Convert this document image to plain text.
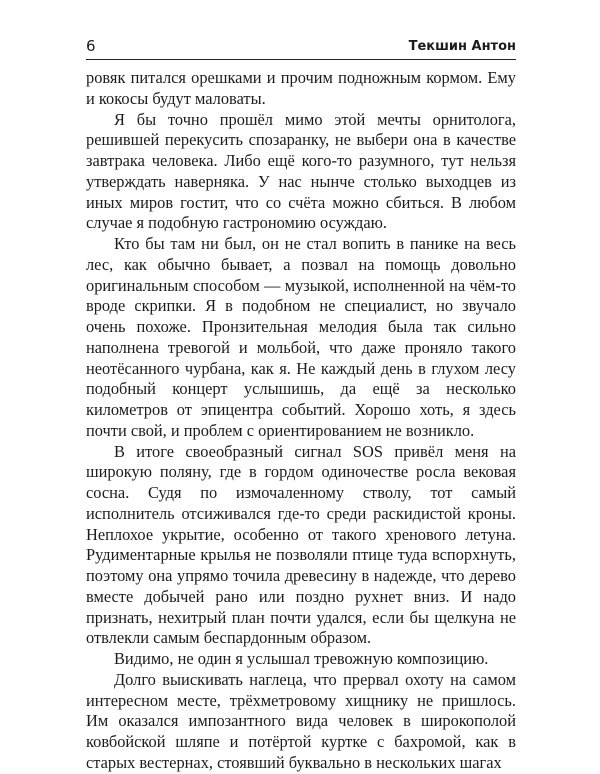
6	Текшин Антон

ровяк питался орешками и прочим подножным кормом. Ему и кокосы будут маловаты.

Я бы точно прошёл мимо этой мечты орнитолога, решившей перекусить спозаранку, не выбери она в качестве завтрака человека. Либо ещё кого-то разумного, тут нельзя утверждать наверняка. У нас нынче столько выходцев из иных миров гостит, что со счёта можно сбиться. В любом случае я подобную гастрономию осуждаю.

Кто бы там ни был, он не стал вопить в панике на весь лес, как обычно бывает, а позвал на помощь довольно оригинальным способом — музыкой, исполненной на чём-то вроде скрипки. Я в подобном не специалист, но звучало очень похоже. Пронзительная мелодия была так сильно наполнена тревогой и мольбой, что даже проняло такого неотёсанного чурбана, как я. Не каждый день в глухом лесу подобный концерт услышишь, да ещё за несколько километров от эпицентра событий. Хорошо хоть, я здесь почти свой, и проблем с ориентированием не возникло.

В итоге своеобразный сигнал SOS привёл меня на широкую поляну, где в гордом одиночестве росла вековая сосна. Судя по измочаленному стволу, тот самый исполнитель отсиживался где-то среди раскидистой кроны. Неплохое укрытие, особенно от такого хренового летуна. Рудиментарные крылья не позволяли птице туда вспорхнуть, поэтому она упрямо точила древесину в надежде, что дерево вместе добычей рано или поздно рухнет вниз. И надо признать, нехитрый план почти удался, если бы щелкуна не отвлекли самым беспардонным образом.

Видимо, не один я услышал тревожную композицию.

Долго выискивать наглеца, что прервал охоту на самом интересном месте, трёхметровому хищнику не пришлось. Им оказался импозантного вида человек в широкополой ковбойской шляпе и потёртой куртке с бахромой, как в старых вестернах, стоявший буквально в нескольких шагах
